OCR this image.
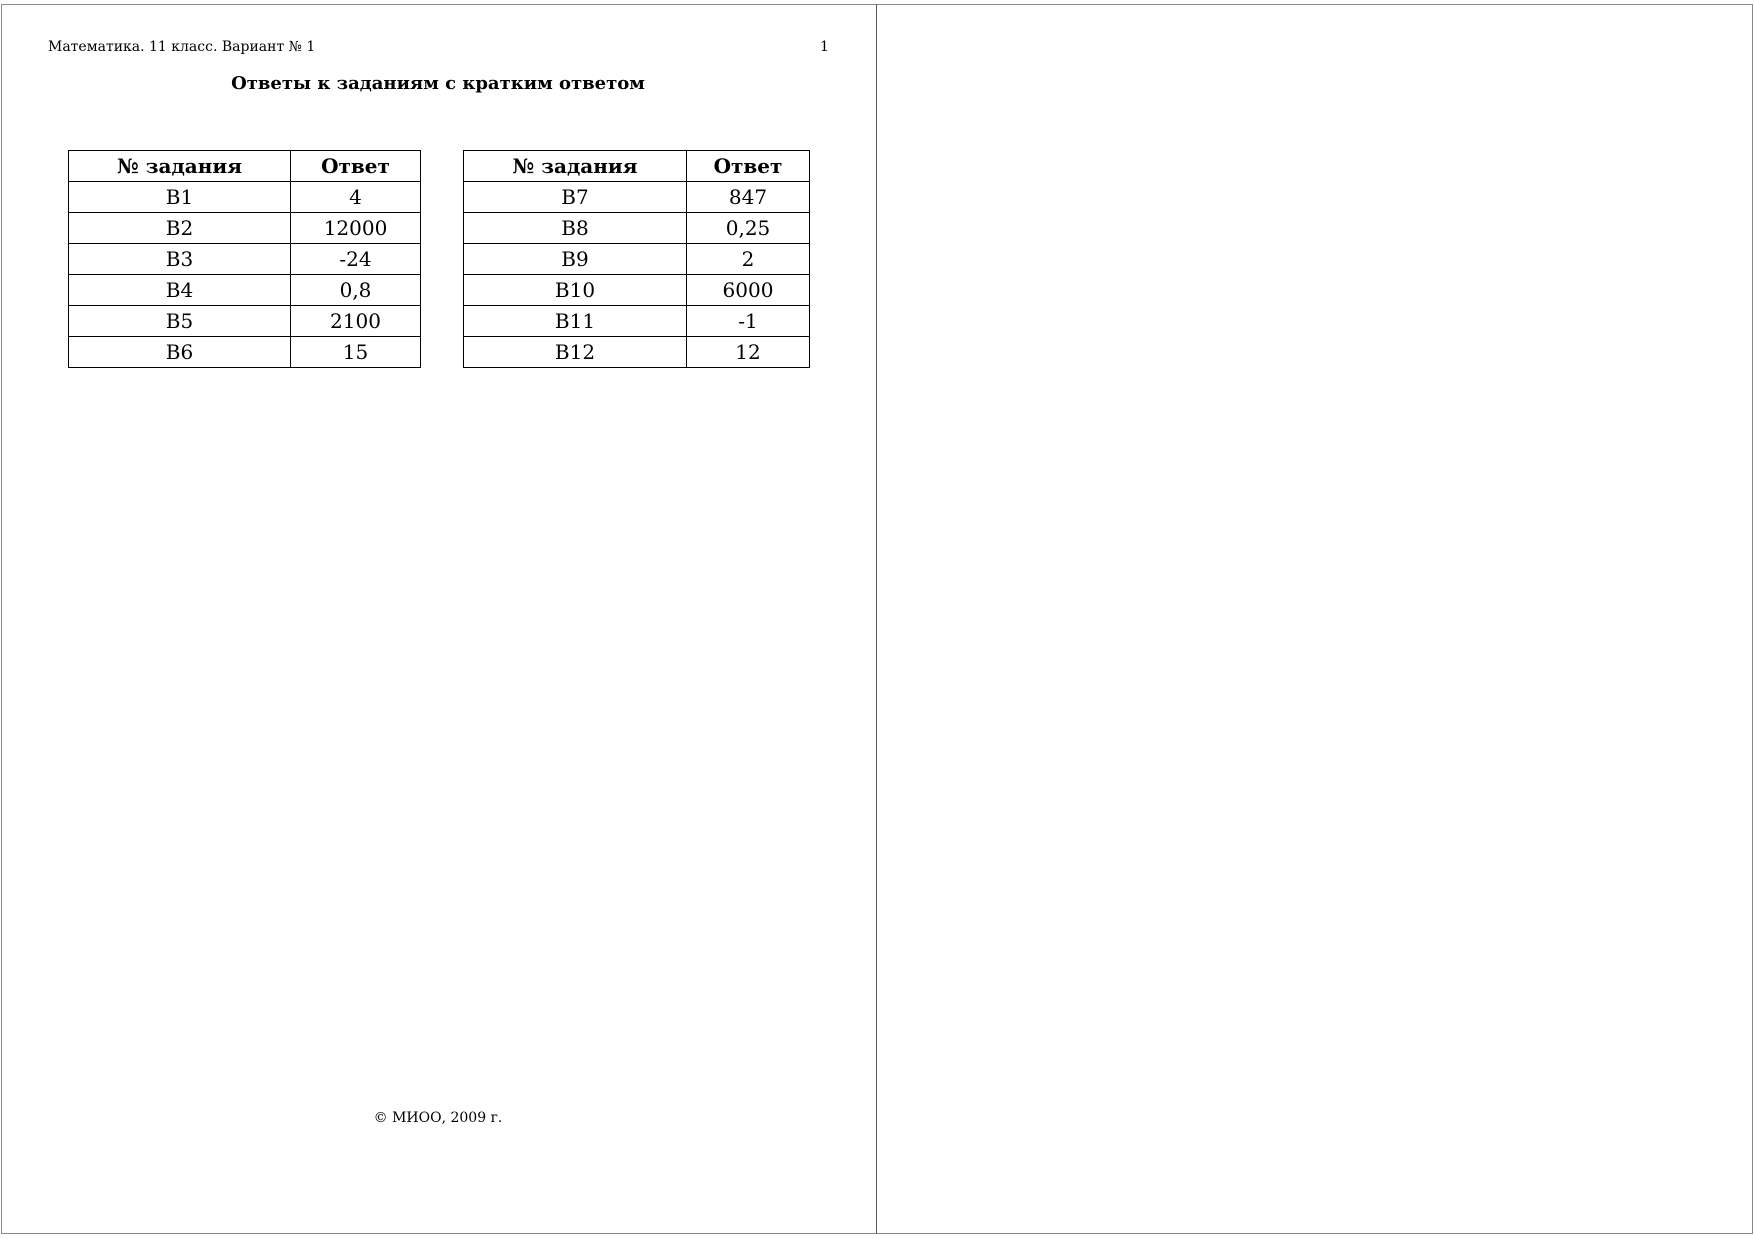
Математика. 11 класс. Вариант № 1	1
Ответы к заданиям с кратким ответом
№ задания	Ответ
B1	4
B2	12000
B3	-24
B4	0,8
B5	2100
B6	15
№ задания	Ответ
B7	847
B8	0,25
B9	2
B10	6000
B11	-1
B12	12
© МИОО, 2009 г.
